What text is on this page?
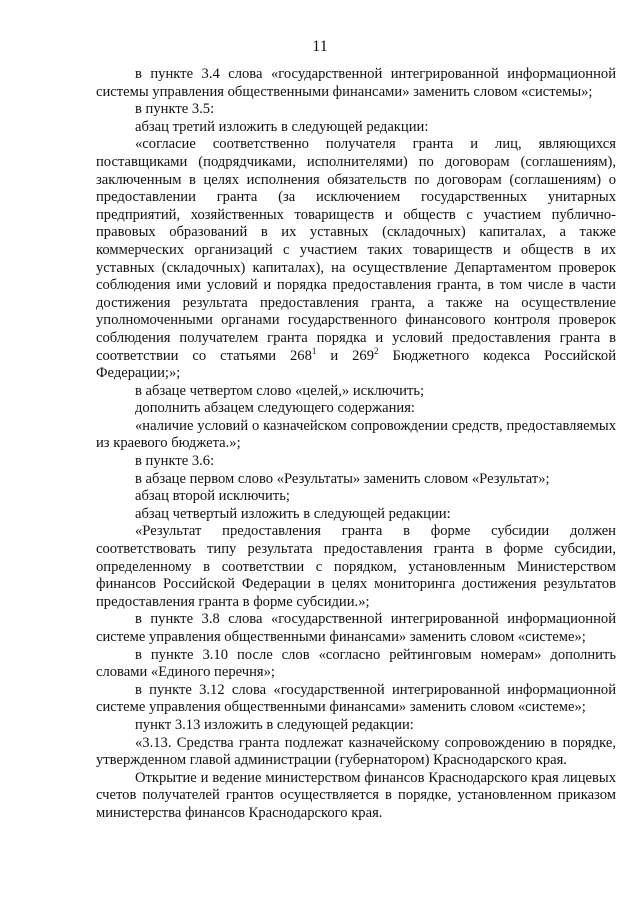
11

в пункте 3.4 слова «государственной интегрированной информационной системы управления общественными финансами» заменить словом «системы»;

в пункте 3.5:

абзац третий изложить в следующей редакции:

«согласие соответственно получателя гранта и лиц, являющихся поставщиками (подрядчиками, исполнителями) по договорам (соглашениям), заключенным в целях исполнения обязательств по договорам (соглашениям) о предоставлении гранта (за исключением государственных унитарных предприятий, хозяйственных товариществ и обществ с участием публично-правовых образований в их уставных (складочных) капиталах, а также коммерческих организаций с участием таких товариществ и обществ в их уставных (складочных) капиталах), на осуществление Департаментом проверок соблюдения ими условий и порядка предоставления гранта, в том числе в части достижения результата предоставления гранта, а также на осуществление уполномоченными органами государственного финансового контроля проверок соблюдения получателем гранта порядка и условий предоставления гранта в соответствии со статьями $268^1$ и $269^2$ Бюджетного кодекса Российской Федерации;»;

в абзаце четвертом слово «целей,» исключить;

дополнить абзацем следующего содержания:

«наличие условий о казначейском сопровождении средств, предоставляемых из краевого бюджета.»;

в пункте 3.6:

в абзаце первом слово «Результаты» заменить словом «Результат»;

абзац второй исключить;

абзац четвертый изложить в следующей редакции:

«Результат предоставления гранта в форме субсидии должен соответствовать типу результата предоставления гранта в форме субсидии, определенному в соответствии с порядком, установленным Министерством финансов Российской Федерации в целях мониторинга достижения результатов предоставления гранта в форме субсидии.»;

в пункте 3.8 слова «государственной интегрированной информационной системе управления общественными финансами» заменить словом «системе»;

в пункте 3.10 после слов «согласно рейтинговым номерам» дополнить словами «Единого перечня»;

в пункте 3.12 слова «государственной интегрированной информационной системе управления общественными финансами» заменить словом «системе»;

пункт 3.13 изложить в следующей редакции:

«3.13. Средства гранта подлежат казначейскому сопровождению в порядке, утвержденном главой администрации (губернатором) Краснодарского края.

Открытие и ведение министерством финансов Краснодарского края лицевых счетов получателей грантов осуществляется в порядке, установленном приказом министерства финансов Краснодарского края.
